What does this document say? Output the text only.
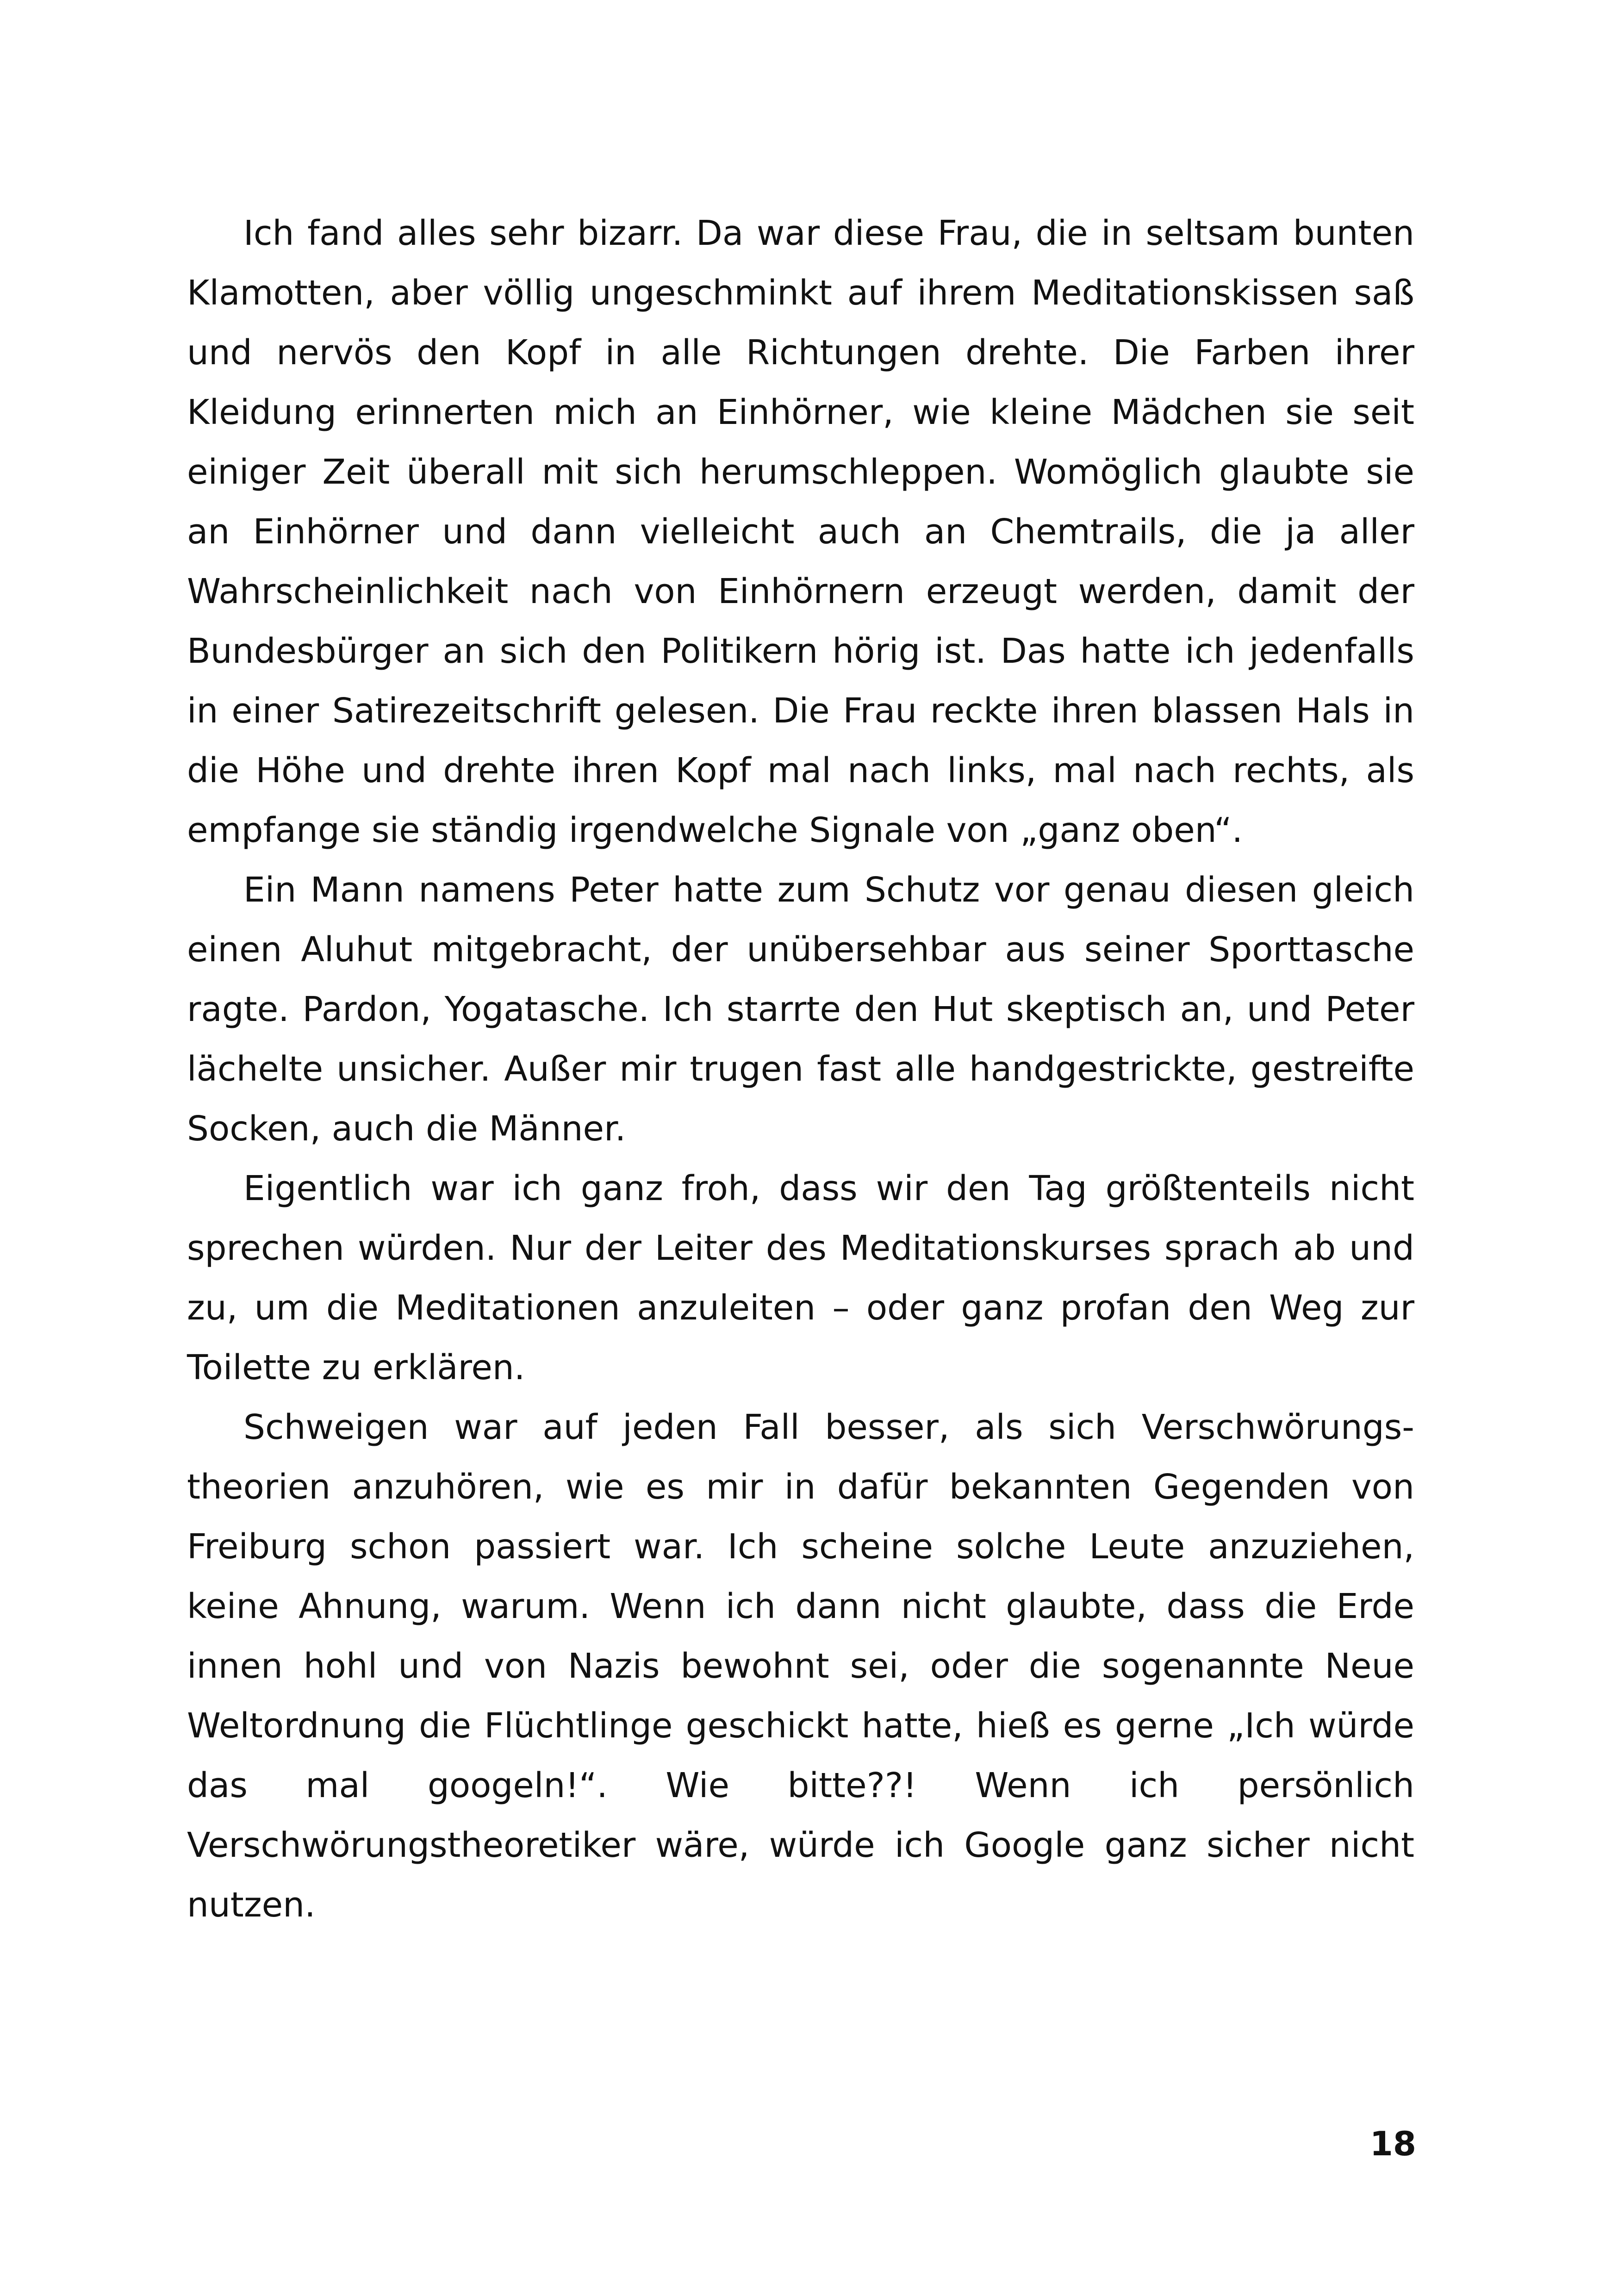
Ich fand alles sehr bizarr. Da war diese Frau, die in seltsam bunten Klamotten, aber völlig ungeschminkt auf ihrem Meditationskissen saß und nervös den Kopf in alle Richtungen drehte. Die Farben ihrer Kleidung erinnerten mich an Einhörner, wie kleine Mädchen sie seit einiger Zeit überall mit sich herumschleppen. Womöglich glaubte sie an Einhörner und dann vielleicht auch an Chemtrails, die ja aller Wahrscheinlichkeit nach von Einhörnern erzeugt werden, damit der Bundesbürger an sich den Politikern hörig ist. Das hatte ich jedenfalls in einer Satirezeitschrift gelesen. Die Frau reckte ihren blassen Hals in die Höhe und drehte ihren Kopf mal nach links, mal nach rechts, als empfange sie ständig irgendwelche Signale von „ganz oben“.

Ein Mann namens Peter hatte zum Schutz vor genau diesen gleich einen Aluhut mitgebracht, der unübersehbar aus seiner Sporttasche ragte. Pardon, Yogatasche. Ich starrte den Hut skeptisch an, und Peter lächelte unsicher. Außer mir trugen fast alle handgestrickte, gestreifte Socken, auch die Männer.

Eigentlich war ich ganz froh, dass wir den Tag größtenteils nicht sprechen würden. Nur der Leiter des Meditationskurses sprach ab und zu, um die Meditationen anzuleiten – oder ganz profan den Weg zur Toilette zu erklären.

Schweigen war auf jeden Fall besser, als sich Verschwörungstheorien anzuhören, wie es mir in dafür bekannten Gegenden von Freiburg schon passiert war. Ich scheine solche Leute anzuziehen, keine Ahnung, warum. Wenn ich dann nicht glaubte, dass die Erde innen hohl und von Nazis bewohnt sei, oder die sogenannte Neue Weltordnung die Flüchtlinge geschickt hatte, hieß es gerne „Ich würde das mal googeln!“. Wie bitte??! Wenn ich persönlich Verschwörungstheoretiker wäre, würde ich Google ganz sicher nicht nutzen.

18
